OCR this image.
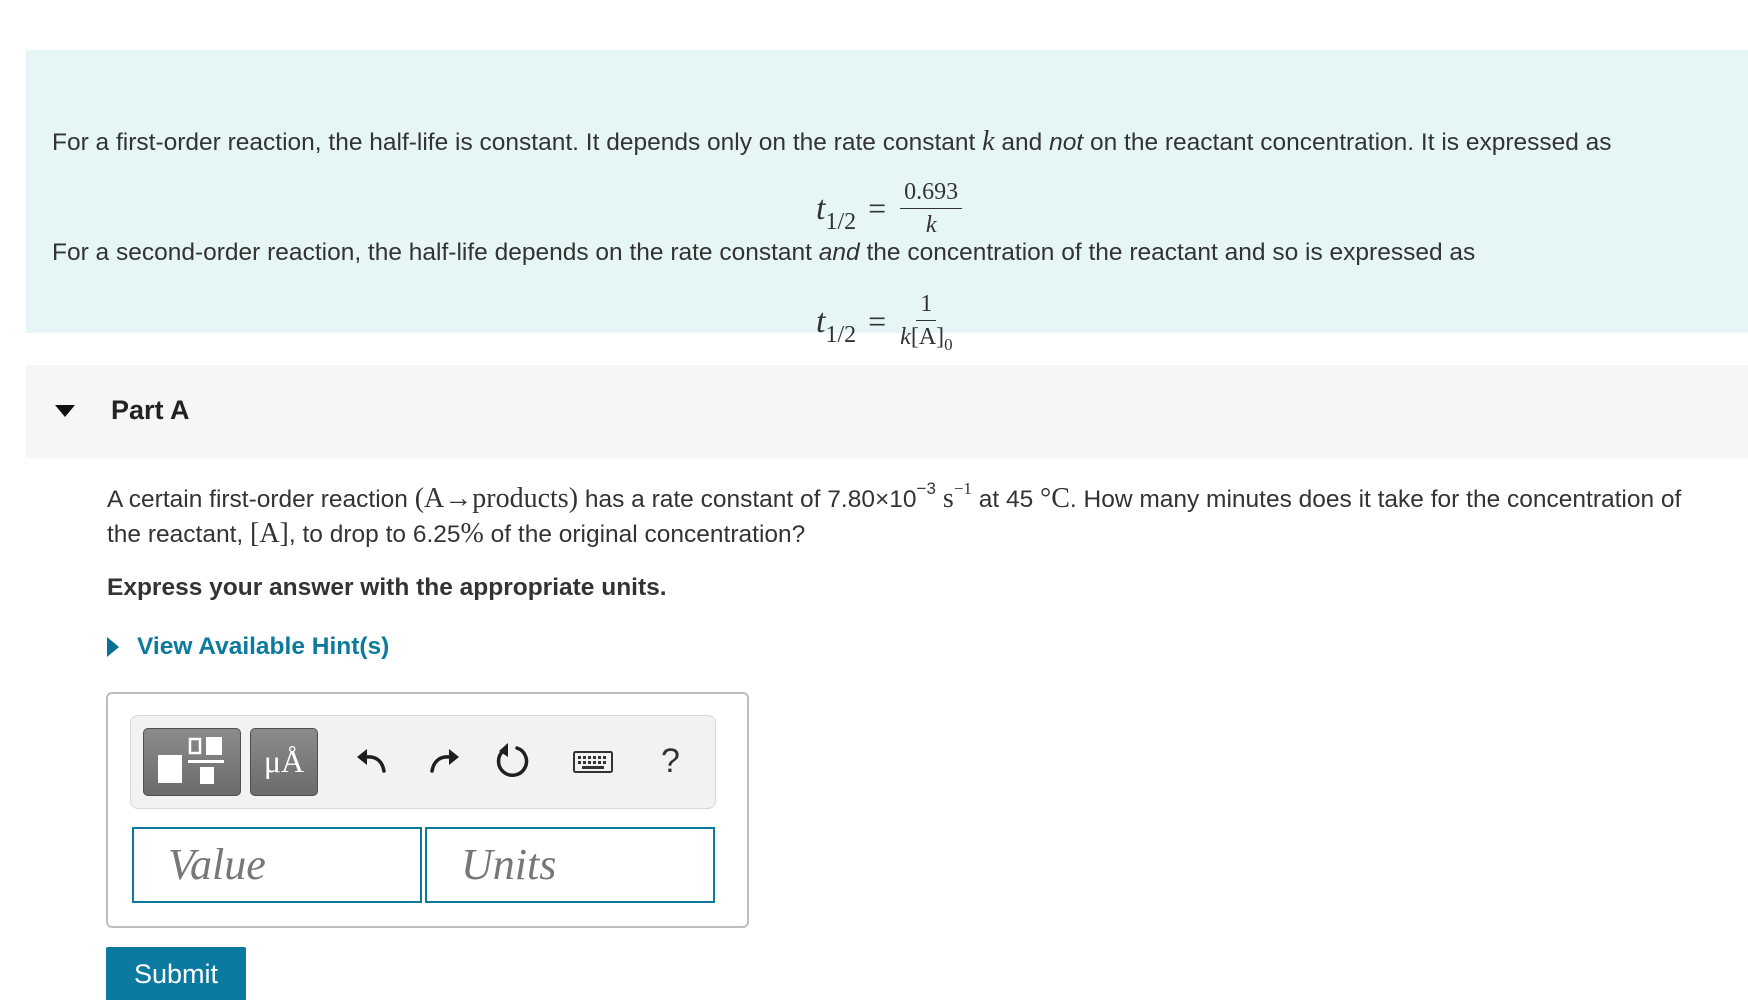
For a first-order reaction, the half-life is constant. It depends only on the rate constant k and not on the reactant concentration. It is expressed as
$t_{1/2} = \frac{0.693}{k}$
For a second-order reaction, the half-life depends on the rate constant and the concentration of the reactant and so is expressed as
$t_{1/2} = \frac{1}{k[A]_0}$
Part A
A certain first-order reaction (A→products) has a rate constant of $7.80\times 10^{-3}$ $s^{-1}$ at 45 °C. How many minutes does it take for the concentration of the reactant, [A], to drop to 6.25% of the original concentration?
Express your answer with the appropriate units.
View Available Hint(s)
μÅ	?
Value	Units
Submit
